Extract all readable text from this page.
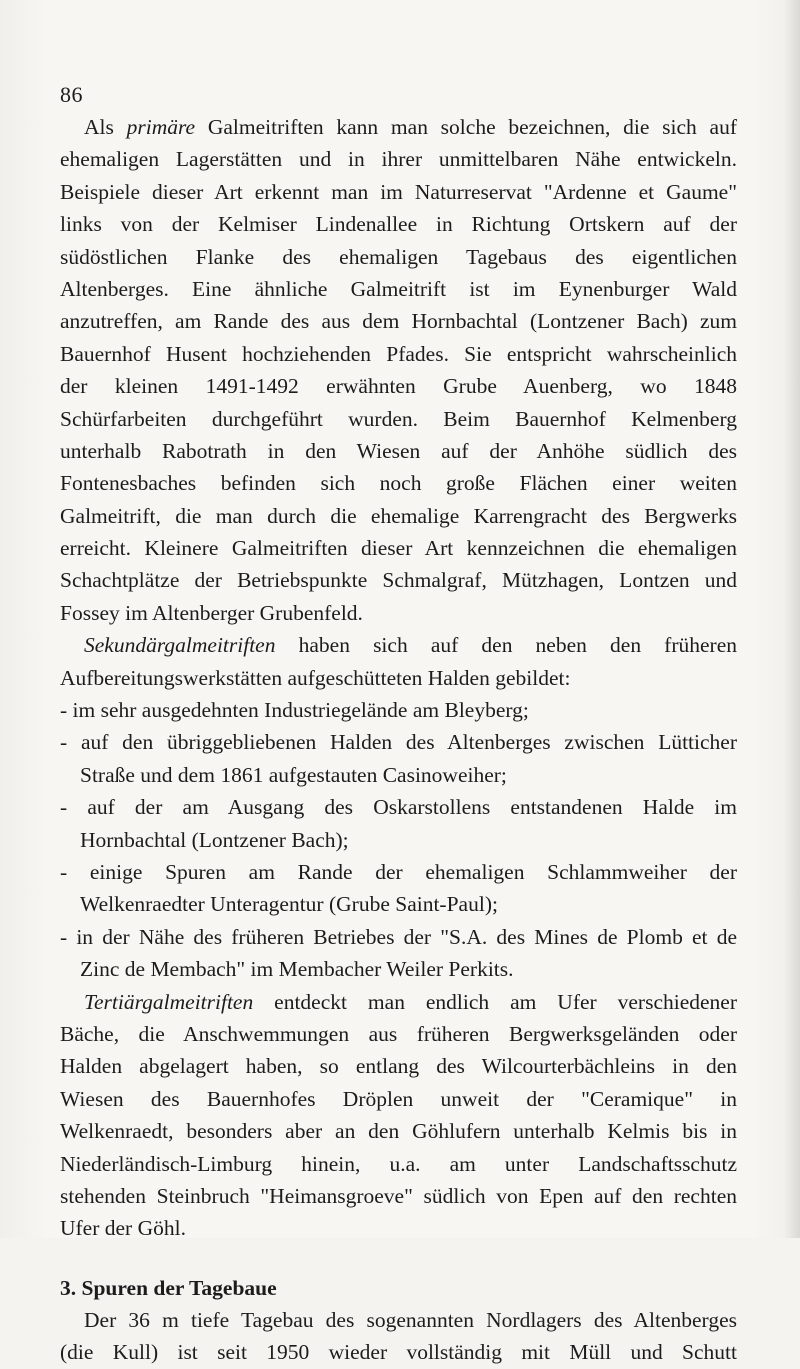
86
Als primäre Galmeitriften kann man solche bezeichnen, die sich auf
ehemaligen Lagerstätten und in ihrer unmittelbaren Nähe entwickeln.
Beispiele dieser Art erkennt man im Naturreservat "Ardenne et Gaume"
links von der Kelmiser Lindenallee in Richtung Ortskern auf der
südöstlichen Flanke des ehemaligen Tagebaus des eigentlichen
Altenberges. Eine ähnliche Galmeitrift ist im Eynenburger Wald
anzutreffen, am Rande des aus dem Hornbachtal (Lontzener Bach) zum
Bauernhof Husent hochziehenden Pfades. Sie entspricht wahrscheinlich
der kleinen 1491-1492 erwähnten Grube Auenberg, wo 1848
Schürfarbeiten durchgeführt wurden. Beim Bauernhof Kelmenberg
unterhalb Rabotrath in den Wiesen auf der Anhöhe südlich des
Fontenesbaches befinden sich noch große Flächen einer weiten
Galmeitrift, die man durch die ehemalige Karrengracht des Bergwerks
erreicht. Kleinere Galmeitriften dieser Art kennzeichnen die ehemaligen
Schachtplätze der Betriebspunkte Schmalgraf, Mützhagen, Lontzen und
Fossey im Altenberger Grubenfeld.
Sekundärgalmeitriften haben sich auf den neben den früheren
Aufbereitungswerkstätten aufgeschütteten Halden gebildet:
- im sehr ausgedehnten Industriegelände am Bleyberg;
- auf den übriggebliebenen Halden des Altenberges zwischen Lütticher
Straße und dem 1861 aufgestauten Casinoweiher;
- auf der am Ausgang des Oskarstollens entstandenen Halde im
Hornbachtal (Lontzener Bach);
- einige Spuren am Rande der ehemaligen Schlammweiher der
Welkenraedter Unteragentur (Grube Saint-Paul);
- in der Nähe des früheren Betriebes der "S.A. des Mines de Plomb et de
Zinc de Membach" im Membacher Weiler Perkits.
Tertiärgalmeitriften entdeckt man endlich am Ufer verschiedener
Bäche, die Anschwemmungen aus früheren Bergwerksgeländen oder
Halden abgelagert haben, so entlang des Wilcourterbächleins in den
Wiesen des Bauernhofes Dröplen unweit der "Ceramique" in
Welkenraedt, besonders aber an den Göhlufern unterhalb Kelmis bis in
Niederländisch-Limburg hinein, u.a. am unter Landschaftsschutz
stehenden Steinbruch "Heimansgroeve" südlich von Epen auf den rechten
Ufer der Göhl.
3. Spuren der Tagebaue
Der 36 m tiefe Tagebau des sogenannten Nordlagers des Altenberges
(die Kull) ist seit 1950 wieder vollständig mit Müll und Schutt
